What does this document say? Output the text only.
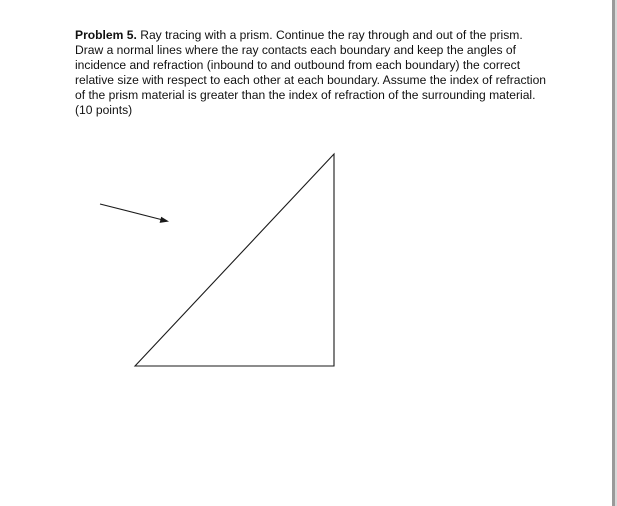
Problem 5. Ray tracing with a prism. Continue the ray through and out of the prism. Draw a normal lines where the ray contacts each boundary and keep the angles of incidence and refraction (inbound to and outbound from each boundary) the correct relative size with respect to each other at each boundary. Assume the index of refraction of the prism material is greater than the index of refraction of the surrounding material. (10 points)
